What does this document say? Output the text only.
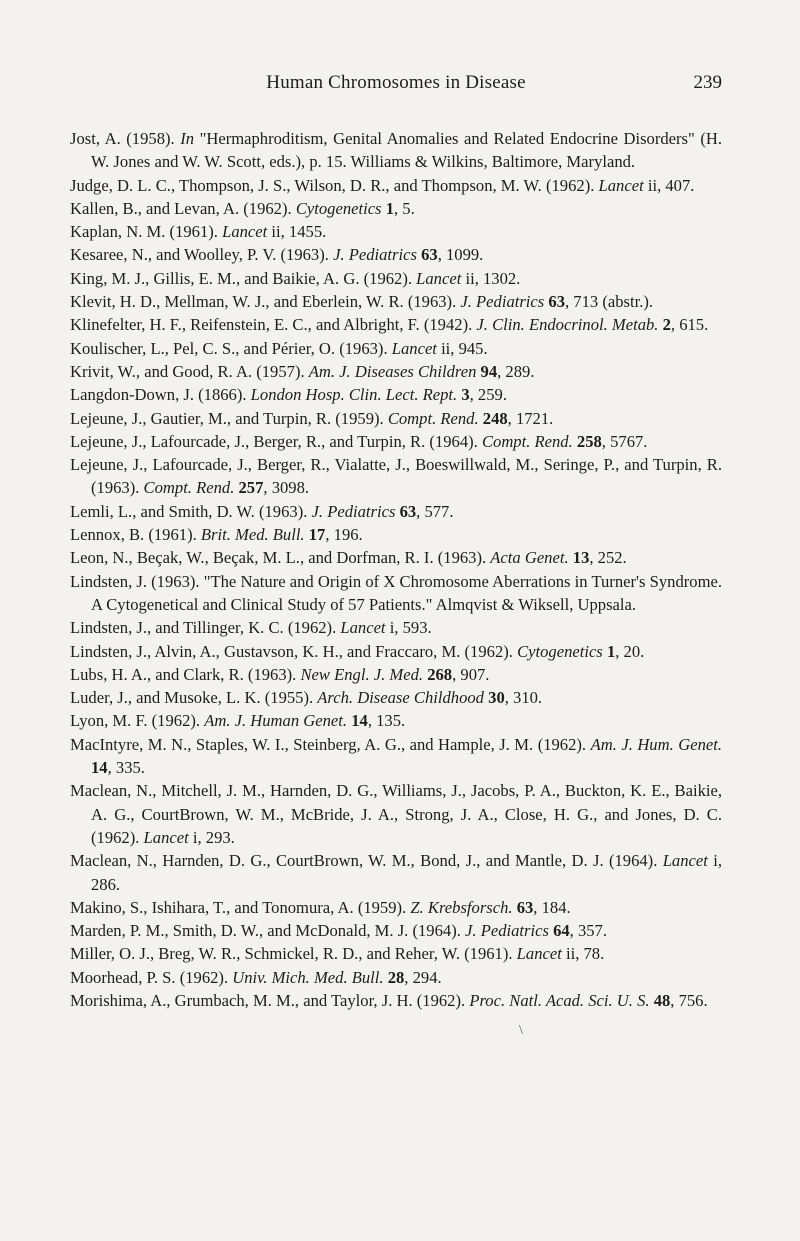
Human Chromosomes in Disease	239

Jost, A. (1958). In "Hermaphroditism, Genital Anomalies and Related Endocrine Disorders" (H. W. Jones and W. W. Scott, eds.), p. 15. Williams & Wilkins, Baltimore, Maryland.

Judge, D. L. C., Thompson, J. S., Wilson, D. R., and Thompson, M. W. (1962). Lancet ii, 407.

Kallen, B., and Levan, A. (1962). Cytogenetics 1, 5.

Kaplan, N. M. (1961). Lancet ii, 1455.

Kesaree, N., and Woolley, P. V. (1963). J. Pediatrics 63, 1099.

King, M. J., Gillis, E. M., and Baikie, A. G. (1962). Lancet ii, 1302.

Klevit, H. D., Mellman, W. J., and Eberlein, W. R. (1963). J. Pediatrics 63, 713 (abstr.).

Klinefelter, H. F., Reifenstein, E. C., and Albright, F. (1942). J. Clin. Endocrinol. Metab. 2, 615.

Koulischer, L., Pel, C. S., and Périer, O. (1963). Lancet ii, 945.

Krivit, W., and Good, R. A. (1957). Am. J. Diseases Children 94, 289.

Langdon-Down, J. (1866). London Hosp. Clin. Lect. Rept. 3, 259.

Lejeune, J., Gautier, M., and Turpin, R. (1959). Compt. Rend. 248, 1721.

Lejeune, J., Lafourcade, J., Berger, R., and Turpin, R. (1964). Compt. Rend. 258, 5767.

Lejeune, J., Lafourcade, J., Berger, R., Vialatte, J., Boeswillwald, M., Seringe, P., and Turpin, R. (1963). Compt. Rend. 257, 3098.

Lemli, L., and Smith, D. W. (1963). J. Pediatrics 63, 577.

Lennox, B. (1961). Brit. Med. Bull. 17, 196.

Leon, N., Beçak, W., Beçak, M. L., and Dorfman, R. I. (1963). Acta Genet. 13, 252.

Lindsten, J. (1963). "The Nature and Origin of X Chromosome Aberrations in Turner's Syndrome. A Cytogenetical and Clinical Study of 57 Patients." Almqvist & Wiksell, Uppsala.

Lindsten, J., and Tillinger, K. C. (1962). Lancet i, 593.

Lindsten, J., Alvin, A., Gustavson, K. H., and Fraccaro, M. (1962). Cytogenetics 1, 20.

Lubs, H. A., and Clark, R. (1963). New Engl. J. Med. 268, 907.

Luder, J., and Musoke, L. K. (1955). Arch. Disease Childhood 30, 310.

Lyon, M. F. (1962). Am. J. Human Genet. 14, 135.

MacIntyre, M. N., Staples, W. I., Steinberg, A. G., and Hample, J. M. (1962). Am. J. Hum. Genet. 14, 335.

Maclean, N., Mitchell, J. M., Harnden, D. G., Williams, J., Jacobs, P. A., Buckton, K. E., Baikie, A. G., CourtBrown, W. M., McBride, J. A., Strong, J. A., Close, H. G., and Jones, D. C. (1962). Lancet i, 293.

Maclean, N., Harnden, D. G., CourtBrown, W. M., Bond, J., and Mantle, D. J. (1964). Lancet i, 286.

Makino, S., Ishihara, T., and Tonomura, A. (1959). Z. Krebsforsch. 63, 184.

Marden, P. M., Smith, D. W., and McDonald, M. J. (1964). J. Pediatrics 64, 357.

Miller, O. J., Breg, W. R., Schmickel, R. D., and Reher, W. (1961). Lancet ii, 78.

Moorhead, P. S. (1962). Univ. Mich. Med. Bull. 28, 294.

Morishima, A., Grumbach, M. M., and Taylor, J. H. (1962). Proc. Natl. Acad. Sci. U. S. 48, 756.

\
